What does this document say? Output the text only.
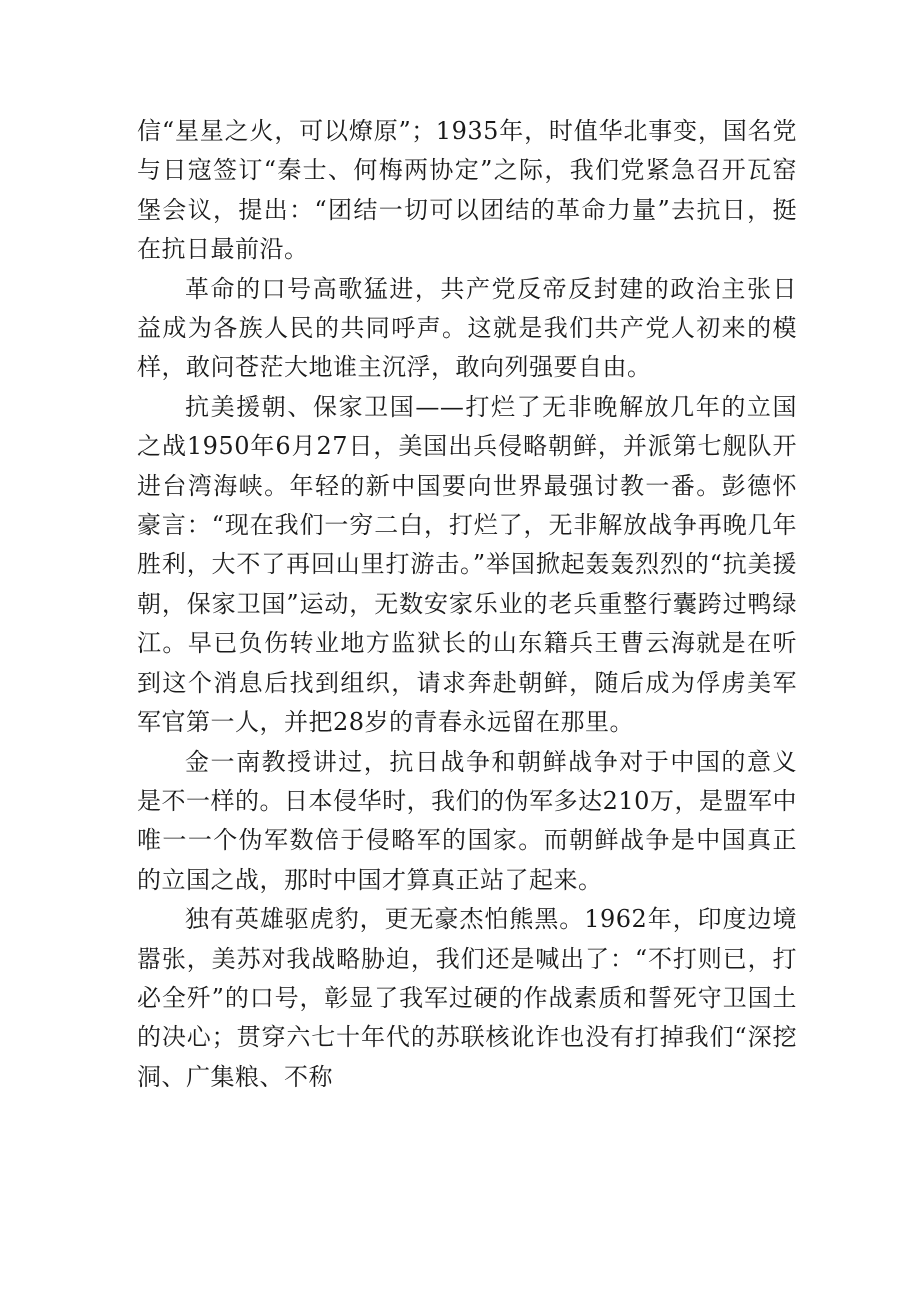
信“星星之火，可以燎原”；1935年，时值华北事变，国名党与日寇签订“秦士、何梅两协定”之际，我们党紧急召开瓦窑堡会议，提出：“团结一切可以团结的革命力量”去抗日，挺在抗日最前沿。

革命的口号高歌猛进，共产党反帝反封建的政治主张日益成为各族人民的共同呼声。这就是我们共产党人初来的模样，敢问苍茫大地谁主沉浮，敢向列强要自由。

抗美援朝、保家卫国——打烂了无非晚解放几年的立国之战1950年6月27日，美国出兵侵略朝鲜，并派第七舰队开进台湾海峡。年轻的新中国要向世界最强讨教一番。彭德怀豪言：“现在我们一穷二白，打烂了，无非解放战争再晚几年胜利，大不了再回山里打游击。”举国掀起轰轰烈烈的“抗美援朝，保家卫国”运动，无数安家乐业的老兵重整行囊跨过鸭绿江。早已负伤转业地方监狱长的山东籍兵王曹云海就是在听到这个消息后找到组织，请求奔赴朝鲜，随后成为俘虏美军军官第一人，并把28岁的青春永远留在那里。

金一南教授讲过，抗日战争和朝鲜战争对于中国的意义是不一样的。日本侵华时，我们的伪军多达210万，是盟军中唯一一个伪军数倍于侵略军的国家。而朝鲜战争是中国真正的立国之战，那时中国才算真正站了起来。

独有英雄驱虎豹，更无豪杰怕熊黑。1962年，印度边境嚣张，美苏对我战略胁迫，我们还是喊出了：“不打则已，打必全歼”的口号，彰显了我军过硬的作战素质和誓死守卫国土的决心；贯穿六七十年代的苏联核讹诈也没有打掉我们“深挖洞、广集粮、不称
